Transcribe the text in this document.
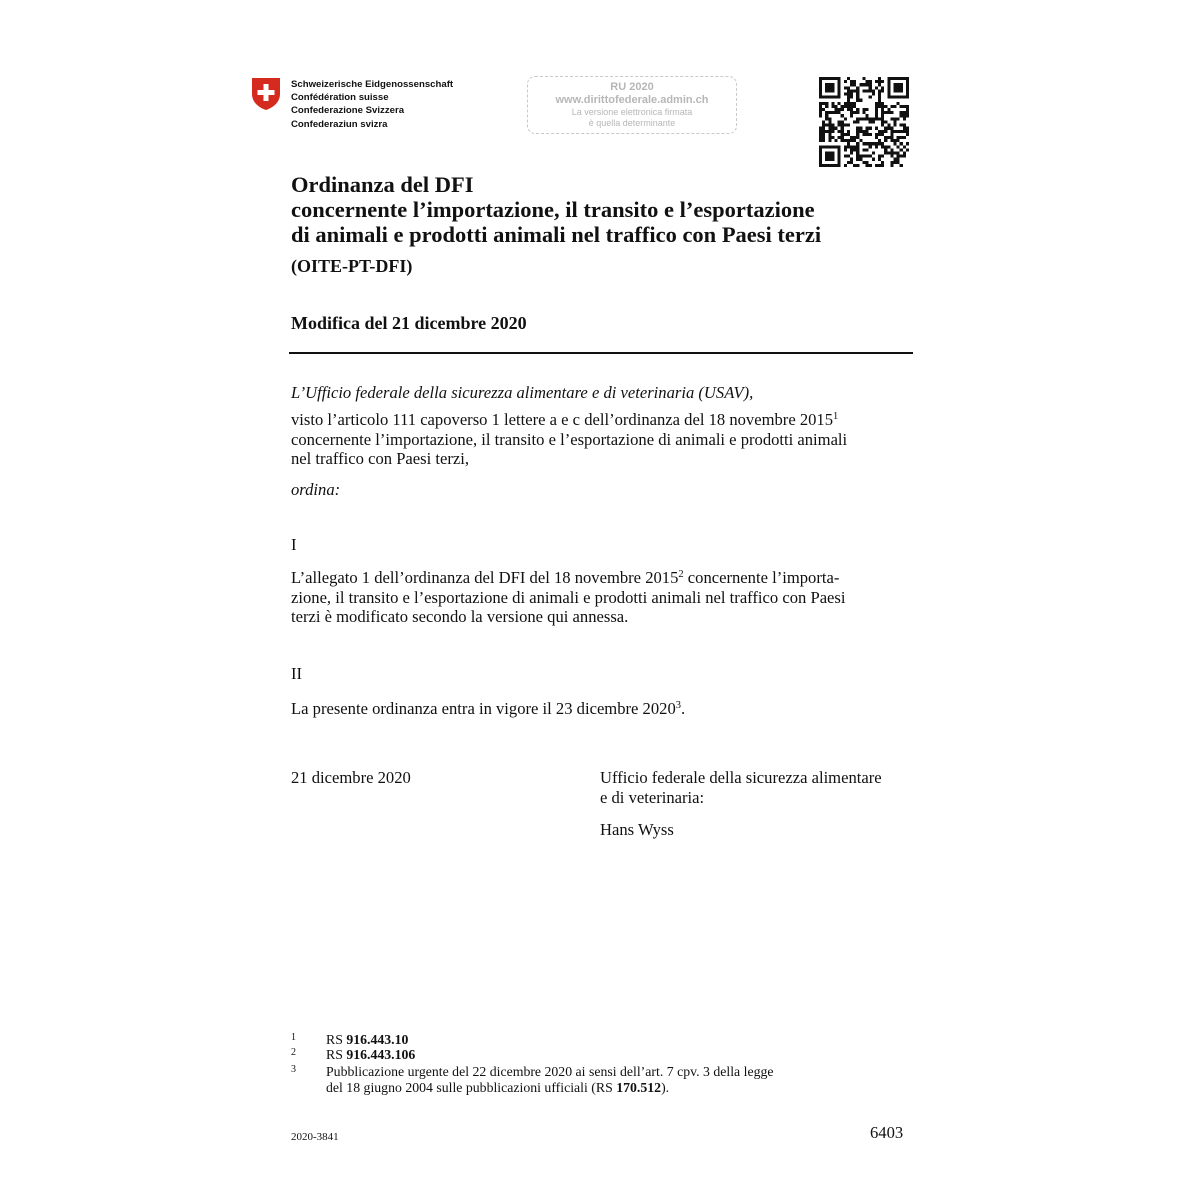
Schweizerische Eidgenossenschaft
Confédération suisse
Confederazione Svizzera
Confederaziun svizra
RU 2020
www.dirittofederale.admin.ch
La versione elettronica firmata
è quella determinante
Ordinanza del DFI
concernente l’importazione, il transito e l’esportazione
di animali e prodotti animali nel traffico con Paesi terzi
(OITE-PT-DFI)
Modifica del 21 dicembre 2020
L’Ufficio federale della sicurezza alimentare e di veterinaria (USAV),
visto l’articolo 111 capoverso 1 lettere a e c dell’ordinanza del 18 novembre 2015$^1$
concernente l’importazione, il transito e l’esportazione di animali e prodotti animali
nel traffico con Paesi terzi,
ordina:
I
L’allegato 1 dell’ordinanza del DFI del 18 novembre 2015$^2$ concernente l’importa-
zione, il transito e l’esportazione di animali e prodotti animali nel traffico con Paesi
terzi è modificato secondo la versione qui annessa.
II
La presente ordinanza entra in vigore il 23 dicembre 2020$^3$.
21 dicembre 2020	Ufficio federale della sicurezza alimentare
e di veterinaria:
Hans Wyss
1 RS 916.443.10
2 RS 916.443.106
3 Pubblicazione urgente del 22 dicembre 2020 ai sensi dell’art. 7 cpv. 3 della legge
del 18 giugno 2004 sulle pubblicazioni ufficiali (RS 170.512).
2020-3841	6403
